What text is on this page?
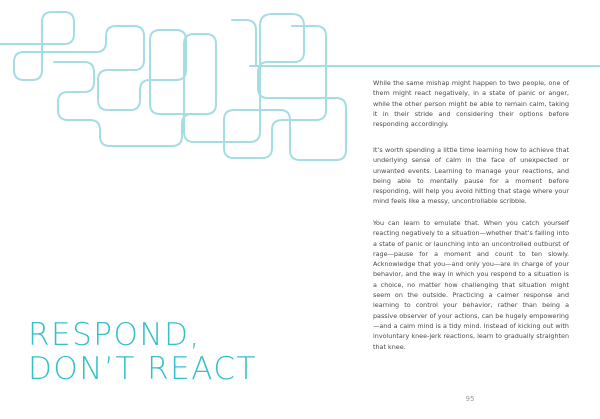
RESPOND,
DON’T REACT
While the same mishap might happen to two people, one of them might react negatively, in a state of panic or anger, while the other person might be able to remain calm, taking it in their stride and considering their options before responding accordingly.
It’s worth spending a little time learning how to achieve that underlying sense of calm in the face of unexpected or unwanted events. Learning to manage your reactions, and being able to mentally pause for a moment before responding, will help you avoid hitting that stage where your mind feels like a messy, uncontrollable scribble.
You can learn to emulate that. When you catch yourself reacting negatively to a situation—whether that’s falling into a state of panic or launching into an uncontrolled outburst of rage—pause for a moment and count to ten slowly. Acknowledge that you—and only you—are in charge of your behavior, and the way in which you respond to a situation is a choice, no matter how challenging that situation might seem on the outside. Practicing a calmer response and learning to control your behavior, rather than being a passive observer of your actions, can be hugely empowering—and a calm mind is a tidy mind. Instead of kicking out with involuntary knee-jerk reactions, learn to gradually straighten that knee.
95
